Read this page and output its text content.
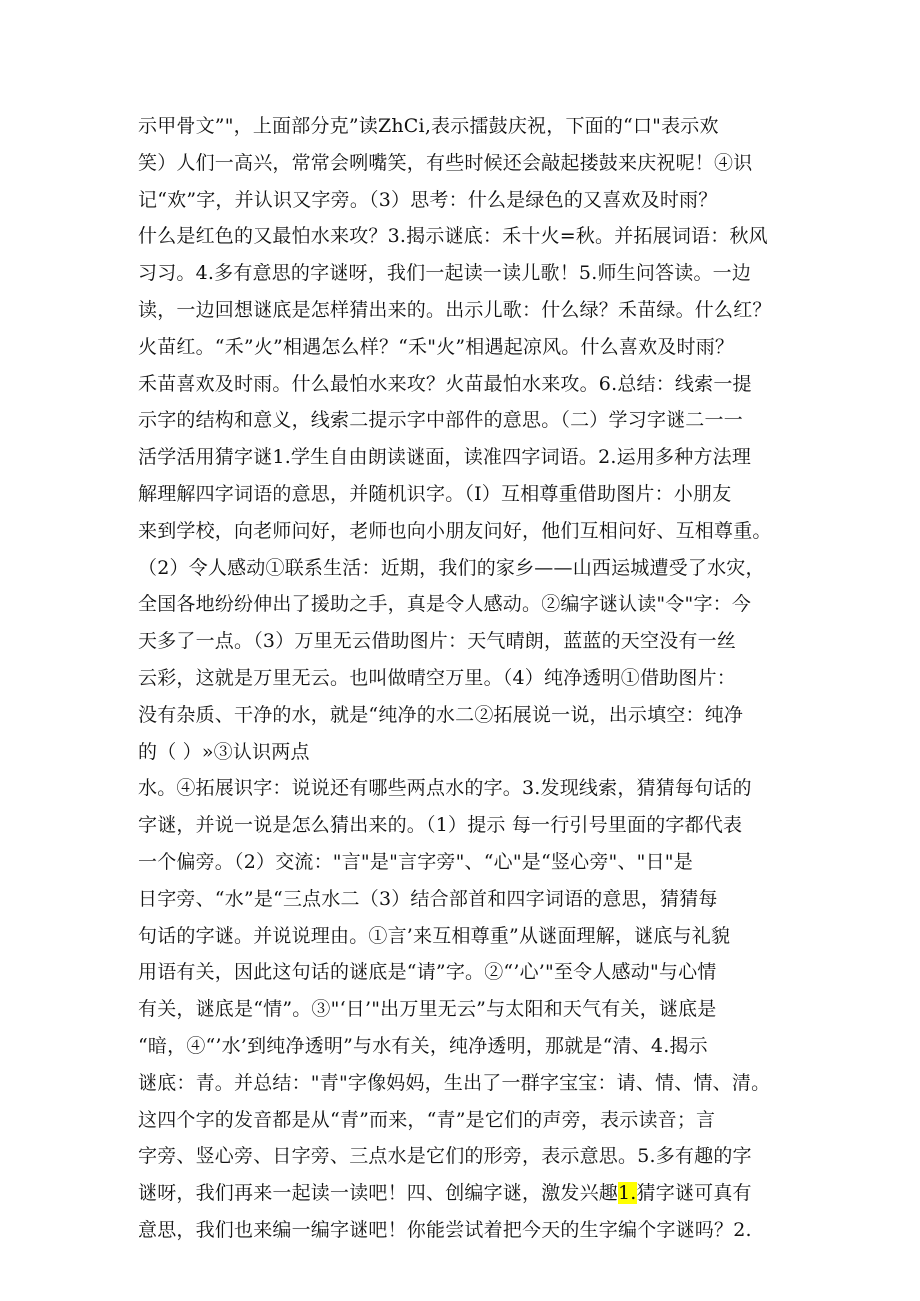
示甲骨文”"，上面部分克”读ZhCi,表示擂鼓庆祝，下面的“口"表示欢
笑）人们一高兴，常常会咧嘴笑，有些时候还会敲起搂鼓来庆祝呢！④识
记“欢”字，并认识又字旁。（3）思考：什么是绿色的又喜欢及时雨？
什么是红色的又最怕水来攻？3.揭示谜底：禾十火=秋。并拓展词语：秋风
习习。4.多有意思的字谜呀，我们一起读一读儿歌！5.师生问答读。一边
读，一边回想谜底是怎样猜出来的。出示儿歌：什么绿？禾苗绿。什么红？
火苗红。“禾”火”相遇怎么样？“禾"火”相遇起凉风。什么喜欢及时雨？
禾苗喜欢及时雨。什么最怕水来攻？火苗最怕水来攻。6.总结：线索一提
示字的结构和意义，线索二提示字中部件的意思。（二）学习字谜二一一
活学活用猜字谜1.学生自由朗读谜面，读准四字词语。2.运用多种方法理
解理解四字词语的意思，并随机识字。（I）互相尊重借助图片：小朋友
来到学校，向老师问好，老师也向小朋友问好，他们互相问好、互相尊重。
（2）令人感动①联系生活：近期，我们的家乡——山西运城遭受了水灾，
全国各地纷纷伸出了援助之手，真是令人感动。②编字谜认读"令"字：今
天多了一点。（3）万里无云借助图片：天气晴朗，蓝蓝的天空没有一丝
云彩，这就是万里无云。也叫做晴空万里。（4）纯净透明①借助图片：
没有杂质、干净的水，就是“纯净的水二②拓展说一说，出示填空：纯净
的（ ）»③认识两点
水。④拓展识字：说说还有哪些两点水的字。3.发现线索，猜猜每句话的
字谜，并说一说是怎么猜出来的。（1）提示 每一行引号里面的字都代表
一个偏旁。（2）交流："言"是"言字旁"、“心"是“竖心旁"、"日"是
日字旁、“水”是“三点水二（3）结合部首和四字词语的意思，猜猜每
句话的字谜。并说说理由。①言’来互相尊重”从谜面理解，谜底与礼貌
用语有关，因此这句话的谜底是“请”字。②“’心’"至令人感动"与心情
有关，谜底是“情”。③"‘日’"出万里无云”与太阳和天气有关，谜底是
“暗，④“’水’到纯净透明”与水有关，纯净透明，那就是“清、4.揭示
谜底：青。并总结："青"字像妈妈，生出了一群字宝宝：请、情、情、清。
这四个字的发音都是从“青”而来，“青”是它们的声旁，表示读音；言
字旁、竖心旁、日字旁、三点水是它们的形旁，表示意思。5.多有趣的字
谜呀，我们再来一起读一读吧！四、创编字谜，激发兴趣1.猜字谜可真有
意思，我们也来编一编字谜吧！你能尝试着把今天的生字编个字谜吗？2.
